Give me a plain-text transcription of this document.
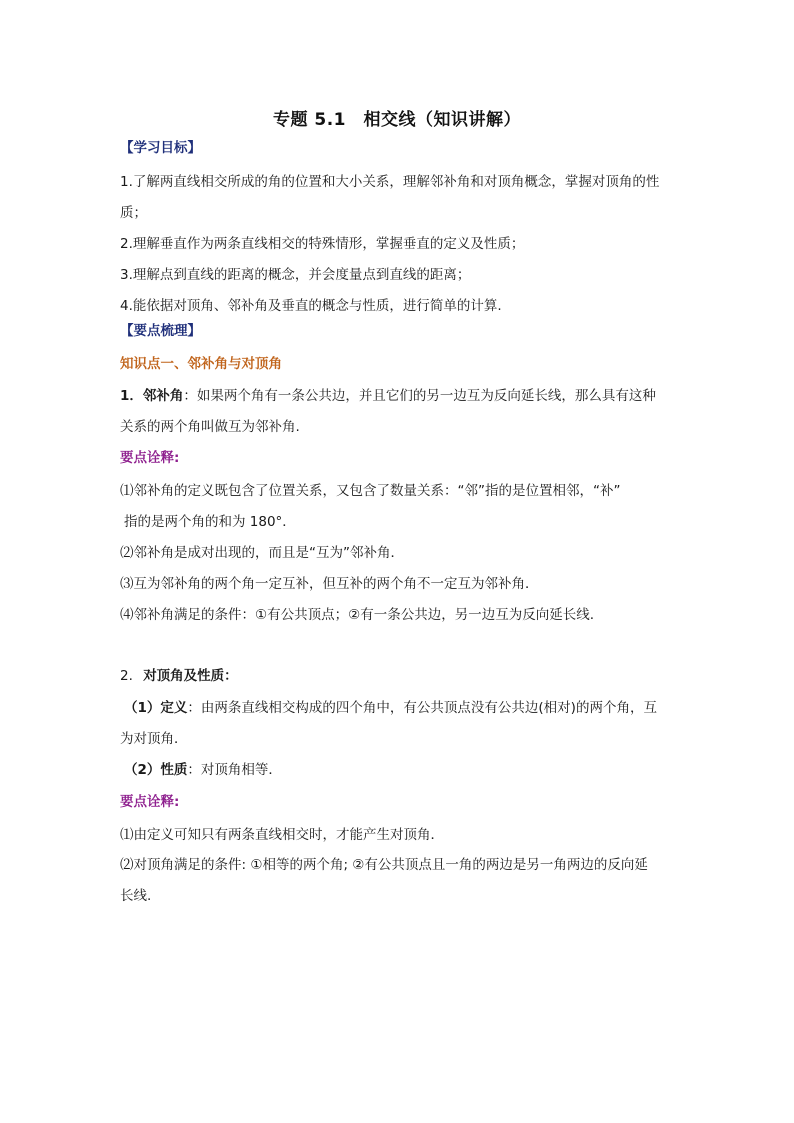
专题 5.1　相交线（知识讲解）
【学习目标】
1.了解两直线相交所成的角的位置和大小关系，理解邻补角和对顶角概念，掌握对顶角的性
质；
2.理解垂直作为两条直线相交的特殊情形，掌握垂直的定义及性质；
3.理解点到直线的距离的概念，并会度量点到直线的距离；
4.能依据对顶角、邻补角及垂直的概念与性质，进行简单的计算.
【要点梳理】
知识点一、邻补角与对顶角
1．邻补角：如果两个角有一条公共边，并且它们的另一边互为反向延长线，那么具有这种
关系的两个角叫做互为邻补角.
要点诠释:
⑴邻补角的定义既包含了位置关系，又包含了数量关系：“邻”指的是位置相邻，“补”
指的是两个角的和为 180°．
⑵邻补角是成对出现的，而且是“互为”邻补角．
⑶互为邻补角的两个角一定互补，但互补的两个角不一定互为邻补角．
⑷邻补角满足的条件：①有公共顶点；②有一条公共边，另一边互为反向延长线.
2. 对顶角及性质：
（1）定义：由两条直线相交构成的四个角中，有公共顶点没有公共边(相对)的两个角，互
为对顶角．
（2）性质：对顶角相等．
要点诠释:
⑴由定义可知只有两条直线相交时，才能产生对顶角．
⑵对顶角满足的条件: ①相等的两个角; ②有公共顶点且一角的两边是另一角两边的反向延
长线.
